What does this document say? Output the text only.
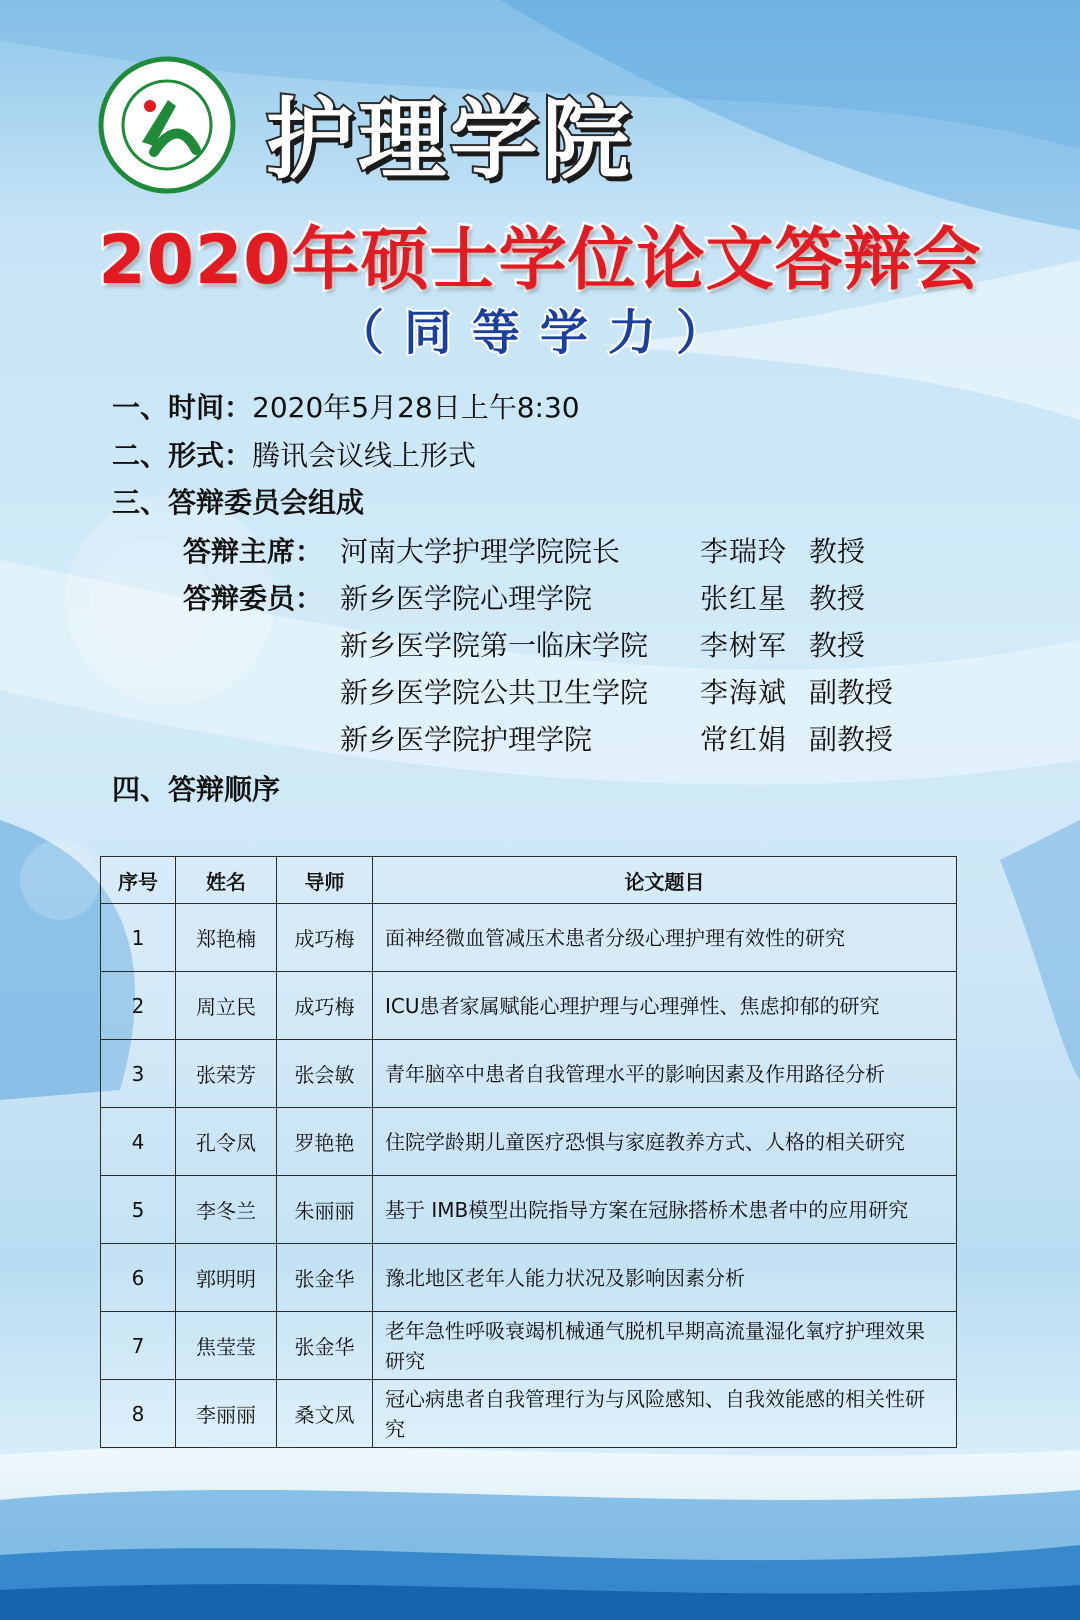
护理学院
2020年硕士学位论文答辩会
（同等学力）
一、时间：2020年5月28日上午8:30
二、形式：腾讯会议线上形式
三、答辩委员会组成
答辩主席： 河南大学护理学院院长	李瑞玲 教授
答辩委员： 新乡医学院心理学院	张红星 教授
新乡医学院第一临床学院 李树军 教授
新乡医学院公共卫生学院 李海斌 副教授
新乡医学院护理学院	常红娟 副教授
四、答辩顺序
序号	姓名	导师	论文题目
1	郑艳楠	成巧梅	面神经微血管减压术患者分级心理护理有效性的研究
2	周立民	成巧梅	ICU患者家属赋能心理护理与心理弹性、焦虑抑郁的研究
3	张荣芳	张会敏	青年脑卒中患者自我管理水平的影响因素及作用路径分析
4	孔令凤	罗艳艳	住院学龄期儿童医疗恐惧与家庭教养方式、人格的相关研究
5	李冬兰	朱丽丽	基于 IMB模型出院指导方案在冠脉搭桥术患者中的应用研究
6	郭明明	张金华	豫北地区老年人能力状况及影响因素分析
7	焦莹莹	张金华	老年急性呼吸衰竭机械通气脱机早期高流量湿化氧疗护理效果研究
8	李丽丽	桑文凤	冠心病患者自我管理行为与风险感知、自我效能感的相关性研究
